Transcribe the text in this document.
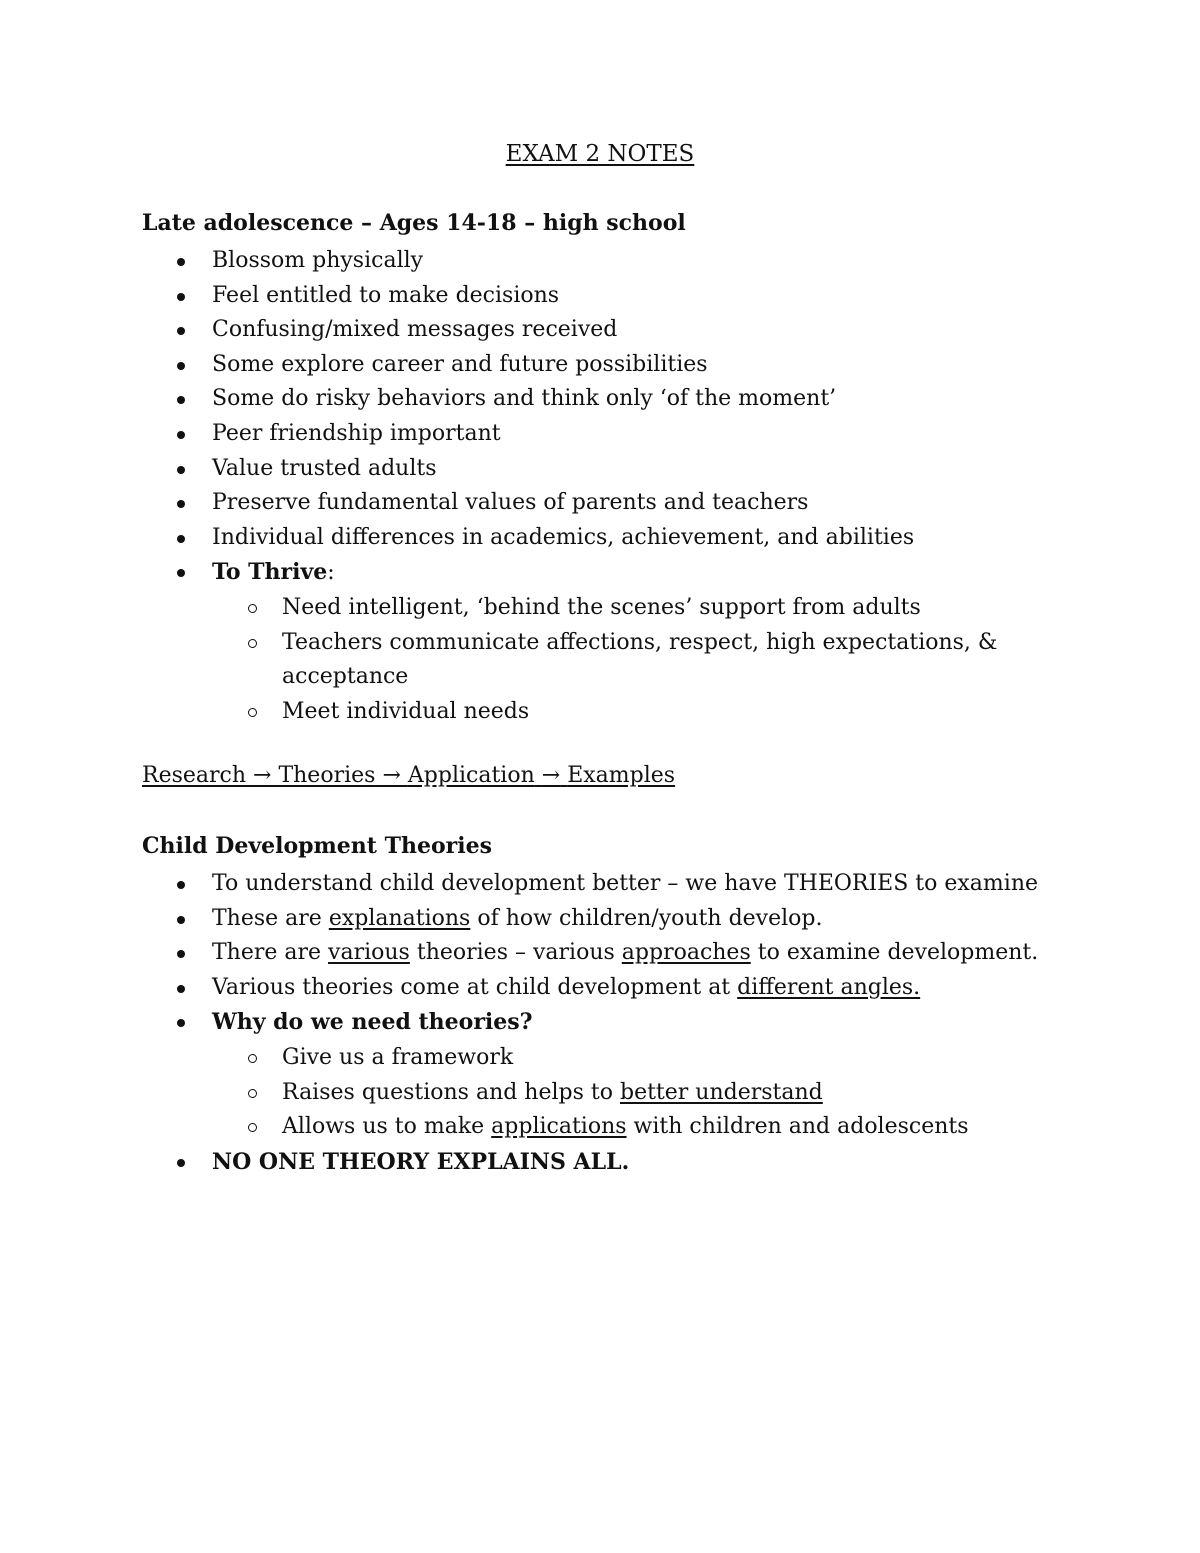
EXAM 2 NOTES

Late adolescence – Ages 14-18 – high school

Blossom physically
Feel entitled to make decisions
Confusing/mixed messages received
Some explore career and future possibilities
Some do risky behaviors and think only ‘of the moment’
Peer friendship important
Value trusted adults
Preserve fundamental values of parents and teachers
Individual differences in academics, achievement, and abilities
To Thrive:
Need intelligent, ‘behind the scenes’ support from adults
Teachers communicate affections, respect, high expectations, & acceptance
Meet individual needs

Research → Theories → Application → Examples

Child Development Theories

To understand child development better – we have THEORIES to examine
These are explanations of how children/youth develop.
There are various theories – various approaches to examine development.
Various theories come at child development at different angles.
Why do we need theories?
Give us a framework
Raises questions and helps to better understand
Allows us to make applications with children and adolescents
NO ONE THEORY EXPLAINS ALL.
